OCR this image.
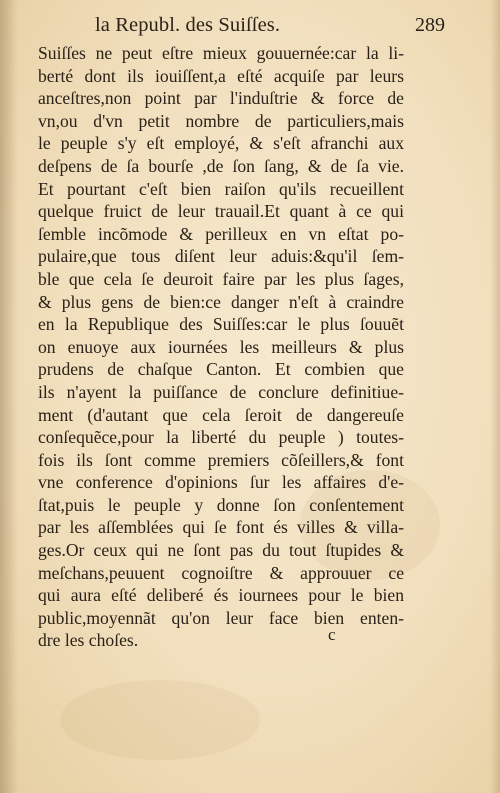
la Republ. des Suiſſes.	289
Suiſſes ne peut eſtre mieux gouuernée:car la li-
berté dont ils iouiſſent,a eſté acquiſe par leurs
anceſtres,non point par l'induſtrie & force de
vn,ou d'vn petit nombre de particuliers,mais
le peuple s'y eſt employé, & s'eſt afranchi aux
deſpens de ſa bourſe ,de ſon ſang, & de ſa vie.
Et pourtant c'eſt bien raiſon qu'ils recueillent
quelque fruict de leur trauail.Et quant à ce qui
ſemble incõmode & perilleux en vn eſtat po-
pulaire,que tous diſent leur aduis:&qu'il ſem-
ble que cela ſe deuroit faire par les plus ſages,
& plus gens de bien:ce danger n'eſt à craindre
en la Republique des Suiſſes:car le plus ſouuẽt
on enuoye aux iournées les meilleurs & plus
prudens de chaſque Canton. Et combien que
ils n'ayent la puiſſance de conclure definitiue-
ment (d'autant que cela ſeroit de dangereuſe
conſequẽce,pour la liberté du peuple ) toutes-
fois ils ſont comme premiers cõſeillers,& font
vne conference d'opinions ſur les affaires d'e-
ſtat,puis le peuple y donne ſon conſentement
par les aſſemblées qui ſe font és villes & villa-
ges.Or ceux qui ne ſont pas du tout ſtupides &
meſchans,peuuent cognoiſtre & approuuer ce
qui aura eſté deliberé és iournees pour le bien
public,moyennãt qu'on leur face bien enten-
dre les choſes.	c
